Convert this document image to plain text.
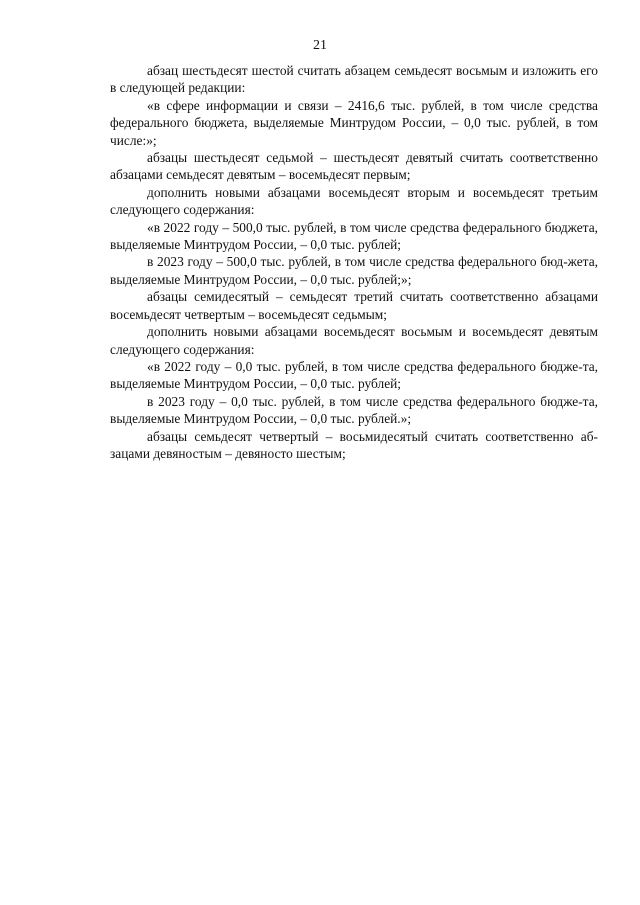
21

абзац шестьдесят шестой считать абзацем семьдесят восьмым и изложить его в следующей редакции:

«в сфере информации и связи – 2416,6 тыс. рублей, в том числе средства федерального бюджета, выделяемые Минтрудом России, – 0,0 тыс. рублей, в том числе:»;

абзацы шестьдесят седьмой – шестьдесят девятый считать соответственно абзацами семьдесят девятым – восемьдесят первым;

дополнить новыми абзацами восемьдесят вторым и восемьдесят третьим следующего содержания:

«в 2022 году – 500,0 тыс. рублей, в том числе средства федерального бюджета, выделяемые Минтрудом России, – 0,0 тыс. рублей;

в 2023 году – 500,0 тыс. рублей, в том числе средства федерального бюд-жета, выделяемые Минтрудом России, – 0,0 тыс. рублей;»;

абзацы семидесятый – семьдесят третий считать соответственно абзацами восемьдесят четвертым – восемьдесят седьмым;

дополнить новыми абзацами восемьдесят восьмым и восемьдесят девятым следующего содержания:

«в 2022 году – 0,0 тыс. рублей, в том числе средства федерального бюдже-та, выделяемые Минтрудом России, – 0,0 тыс. рублей;

в 2023 году – 0,0 тыс. рублей, в том числе средства федерального бюдже-та, выделяемые Минтрудом России, – 0,0 тыс. рублей.»;

абзацы семьдесят четвертый – восьмидесятый считать соответственно аб-зацами девяностым – девяносто шестым;
